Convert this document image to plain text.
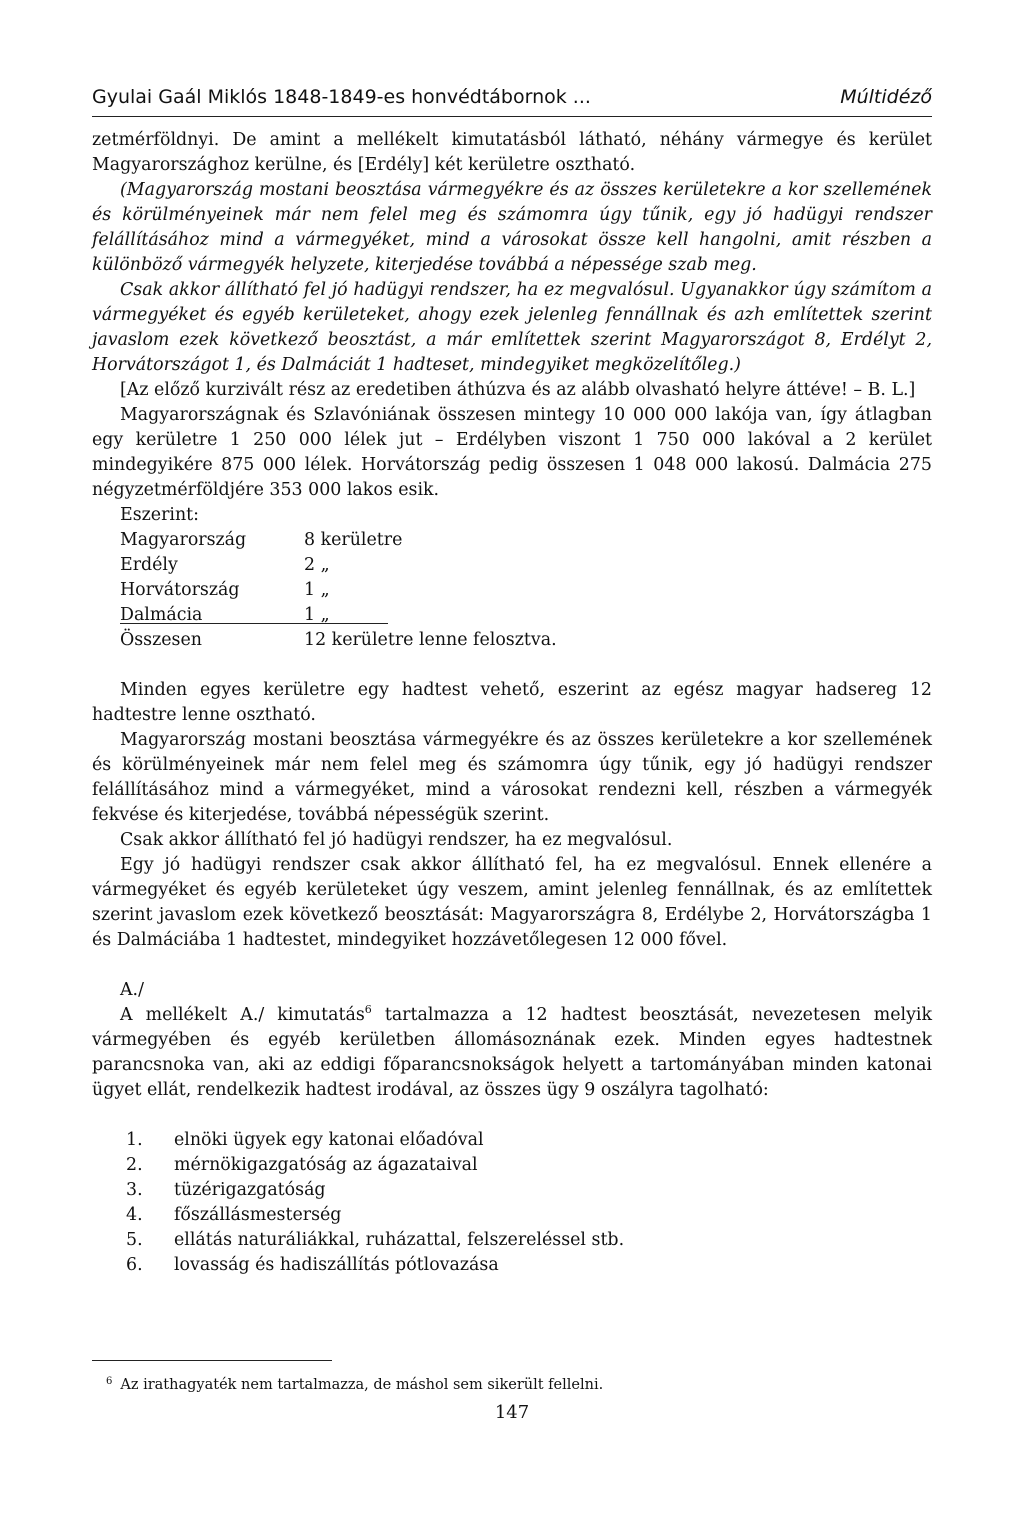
Gyulai Gaál Miklós 1848-1849-es honvédtábornok ...	Múltidéző

zetmérföldnyi. De amint a mellékelt kimutatásból látható, néhány vármegye és kerület Magyarországhoz kerülne, és [Erdély] két kerületre osztható.

(Magyarország mostani beosztása vármegyékre és az összes kerületekre a kor szellemének és körülményeinek már nem felel meg és számomra úgy tűnik, egy jó hadügyi rendszer felállításához mind a vármegyéket, mind a városokat össze kell hangolni, amit részben a különböző vármegyék helyzete, kiterjedése továbbá a népessége szab meg.

Csak akkor állítható fel jó hadügyi rendszer, ha ez megvalósul. Ugyanakkor úgy számítom a vármegyéket és egyéb kerületeket, ahogy ezek jelenleg fennállnak és azh említettek szerint javaslom ezek következő beosztást, a már említettek szerint Magyarországot 8, Erdélyt 2, Horvátországot 1, és Dalmáciát 1 hadteset, mindegyiket megközelítőleg.)

[Az előző kurzivált rész az eredetiben áthúzva és az alább olvasható helyre áttéve! – B. L.]

Magyarországnak és Szlavóniának összesen mintegy 10 000 000 lakója van, így átlagban egy kerületre 1 250 000 lélek jut – Erdélyben viszont 1 750 000 lakóval a 2 kerület mindegyikére 875 000 lélek. Horvátország pedig összesen 1 048 000 lakosú. Dalmácia 275 négyzetmérföldjére 353 000 lakos esik.

Eszerint:

Magyarország	8 kerületre
Erdély	2 „
Horvátország	1 „
Dalmácia	1 „
Összesen	12 kerületre lenne felosztva.

Minden egyes kerületre egy hadtest vehető, eszerint az egész magyar hadsereg 12 hadtestre lenne osztható.

Magyarország mostani beosztása vármegyékre és az összes kerületekre a kor szellemének és körülményeinek már nem felel meg és számomra úgy tűnik, egy jó hadügyi rendszer felállításához mind a vármegyéket, mind a városokat rendezni kell, részben a vármegyék fekvése és kiterjedése, továbbá népességük szerint.

Csak akkor állítható fel jó hadügyi rendszer, ha ez megvalósul.

Egy jó hadügyi rendszer csak akkor állítható fel, ha ez megvalósul. Ennek ellenére a vármegyéket és egyéb kerületeket úgy veszem, amint jelenleg fennállnak, és az említettek szerint javaslom ezek következő beosztását: Magyarországra 8, Erdélybe 2, Horvátországba 1 és Dalmáciába 1 hadtestet, mindegyiket hozzávetőlegesen 12 000 fővel.

A./

A mellékelt A./ kimutatás$^6$ tartalmazza a 12 hadtest beosztását, nevezetesen melyik vármegyében és egyéb kerületben állomásoznának ezek. Minden egyes hadtestnek parancsnoka van, aki az eddigi főparancsnokságok helyett a tartományában minden katonai ügyet ellát, rendelkezik hadtest irodával, az összes ügy 9 oszályra tagolható:

1.	elnöki ügyek egy katonai előadóval
2.	mérnökigazgatóság az ágazataival
3.	tüzérigazgatóság
4.	főszállásmesterség
5.	ellátás naturáliákkal, ruházattal, felszereléssel stb.
6.	lovasság és hadiszállítás pótlovazása
$^6$ Az irathagyaték nem tartalmazza, de máshol sem sikerült fellelni.
147
